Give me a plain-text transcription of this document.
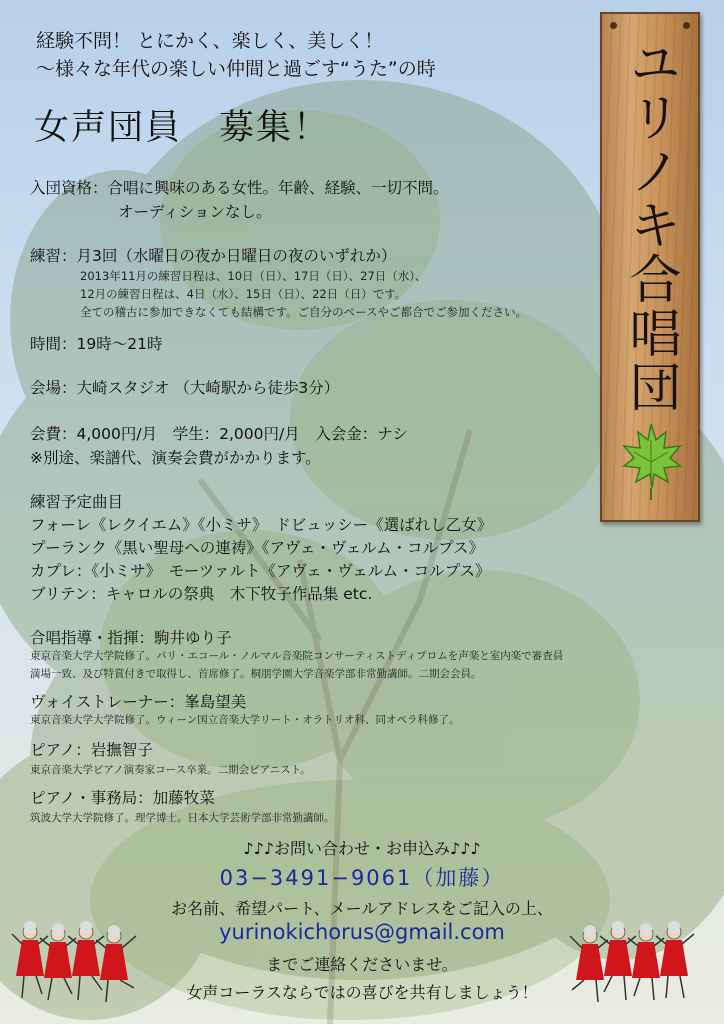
経験不問！ とにかく、楽しく、美しく！
〜様々な年代の楽しい仲間と過ごす“うた”の時
女声団員　募集！	ユリノキ合唱団
入団資格：合唱に興味のある女性。年齢、経験、一切不問。
オーディションなし。
練習：月3回（水曜日の夜か日曜日の夜のいずれか）
2013年11月の練習日程は、10日（日）、17日（日）、27日（水）、
12月の練習日程は、4日（水）、15日（日）、22日（日）です。
全ての稽古に参加できなくても結構です。ご自分のペースやご都合でご参加ください。
時間：19時〜21時
会場：大崎スタジオ （大崎駅から徒歩3分）
会費：4,000円/月　学生：2,000円/月　入会金：ナシ
※別途、楽譜代、演奏会費がかかります。
練習予定曲目
フォーレ《レクイエム》《小ミサ》　ドビュッシー《選ばれし乙女》
プーランク《黒い聖母への連祷》《アヴェ・ヴェルム・コルプス》
カプレ：《小ミサ》　モーツァルト《アヴェ・ヴェルム・コルプス》
ブリテン：キャロルの祭典　木下牧子作品集 etc.
合唱指導・指揮：駒井ゆり子
東京音楽大学大学院修了。パリ・エコール・ノルマル音楽院コンサーティストディプロムを声楽と室内楽で審査員
満場一致、及び特賞付きで取得し、首席修了。桐朋学園大学音楽学部非常勤講師。二期会会員。
ヴォイストレーナー：峯島望美
東京音楽大学大学院修了。ウィーン国立音楽大学リート・オラトリオ科、同オペラ科修了。
ピアノ：岩撫智子
東京音楽大学ピアノ演奏家コース卒業。二期会ピアニスト。
ピアノ・事務局：加藤牧菜
筑波大学大学院修了。理学博士。日本大学芸術学部非常勤講師。
♪♪♪お問い合わせ・お申込み♪♪♪
03−3491−9061（加藤）
お名前、希望パート、メールアドレスをご記入の上、
yurinokichorus@gmail.com
までご連絡くださいませ。
女声コーラスならではの喜びを共有しましょう！
